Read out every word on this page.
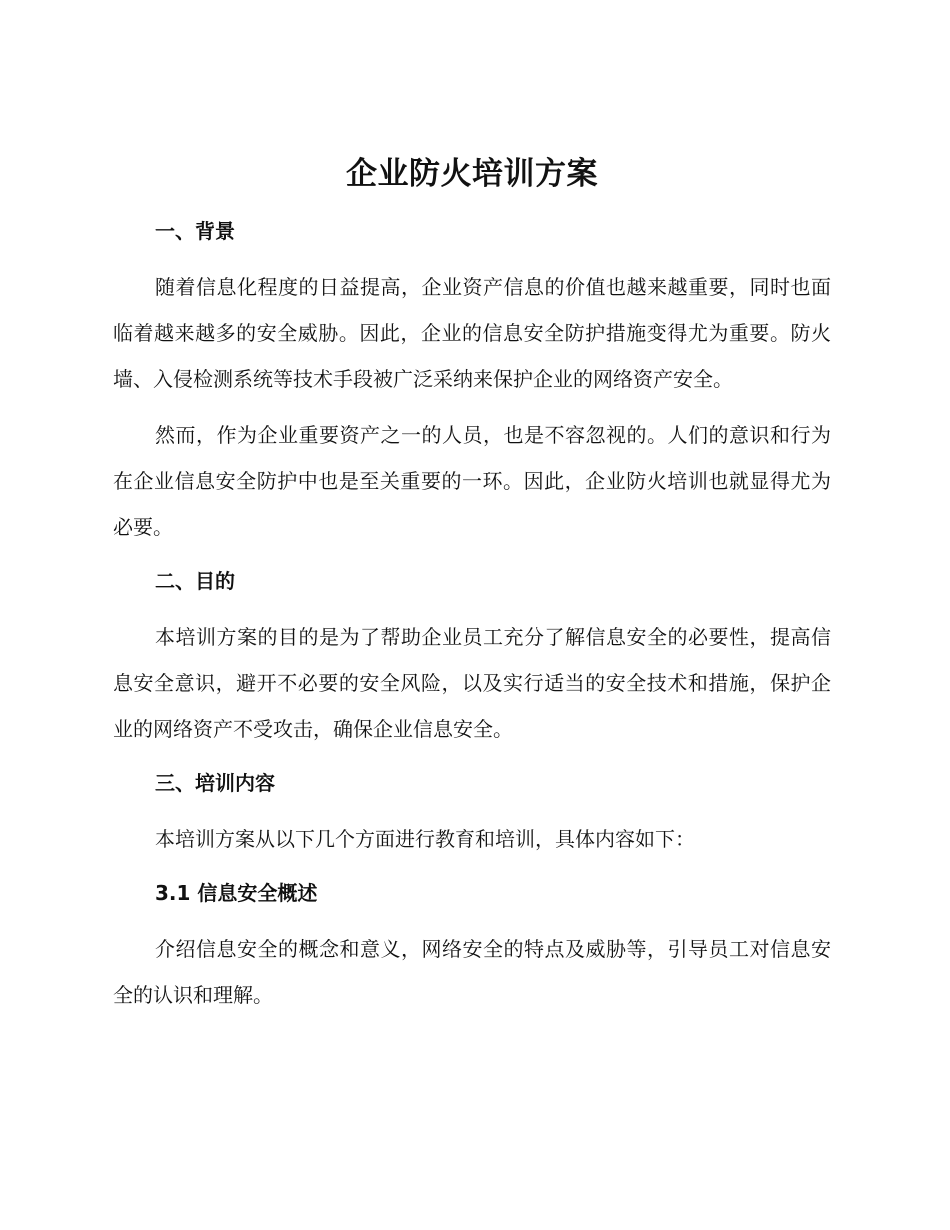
企业防火培训方案
一、背景

随着信息化程度的日益提高，企业资产信息的价值也越来越重要，同时也面临着越来越多的安全威胁。因此，企业的信息安全防护措施变得尤为重要。防火墙、入侵检测系统等技术手段被广泛采纳来保护企业的网络资产安全。

然而，作为企业重要资产之一的人员，也是不容忽视的。人们的意识和行为在企业信息安全防护中也是至关重要的一环。因此，企业防火培训也就显得尤为必要。

二、目的

本培训方案的目的是为了帮助企业员工充分了解信息安全的必要性，提高信息安全意识，避开不必要的安全风险，以及实行适当的安全技术和措施，保护企业的网络资产不受攻击，确保企业信息安全。

三、培训内容

本培训方案从以下几个方面进行教育和培训，具体内容如下：

3.1 信息安全概述

介绍信息安全的概念和意义，网络安全的特点及威胁等，引导员工对信息安全的认识和理解。
